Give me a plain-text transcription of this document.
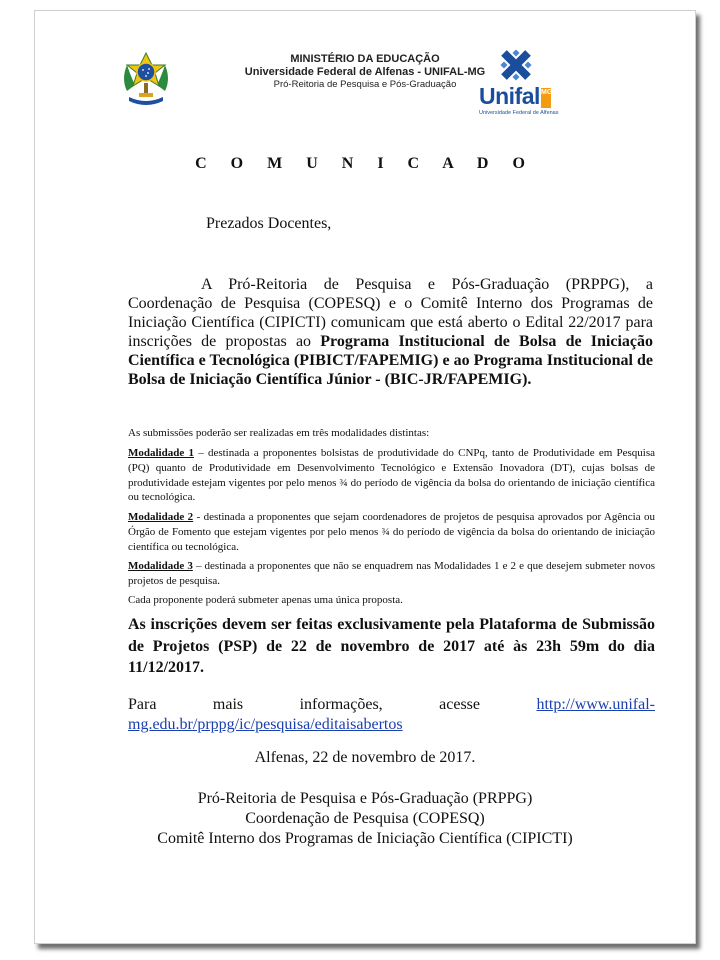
MINISTÉRIO DA EDUCAÇÃO
Universidade Federal de Alfenas - UNIFAL-MG
Pró-Reitoria de Pesquisa e Pós-Graduação Unifal MG
Universidade Federal de Alfenas
C O M U N I C A D O
Prezados Docentes,
A Pró-Reitoria de Pesquisa e Pós-Graduação (PRPPG), a Coordenação de Pesquisa (COPESQ) e o Comitê Interno dos Programas de Iniciação Científica (CIPICTI) comunicam que está aberto o Edital 22/2017 para inscrições de propostas ao Programa Institucional de Bolsa de Iniciação Científica e Tecnológica (PIBICT/FAPEMIG) e ao Programa Institucional de Bolsa de Iniciação Científica Júnior - (BIC-JR/FAPEMIG).
As submissões poderão ser realizadas em três modalidades distintas:
Modalidade 1 – destinada a proponentes bolsistas de produtividade do CNPq, tanto de Produtividade em Pesquisa (PQ) quanto de Produtividade em Desenvolvimento Tecnológico e Extensão Inovadora (DT), cujas bolsas de produtividade estejam vigentes por pelo menos ¾ do período de vigência da bolsa do orientando de iniciação científica ou tecnológica.
Modalidade 2 - destinada a proponentes que sejam coordenadores de projetos de pesquisa aprovados por Agência ou Órgão de Fomento que estejam vigentes por pelo menos ¾ do período de vigência da bolsa do orientando de iniciação científica ou tecnológica.
Modalidade 3 – destinada a proponentes que não se enquadrem nas Modalidades 1 e 2 e que desejem submeter novos projetos de pesquisa.
Cada proponente poderá submeter apenas uma única proposta.
As inscrições devem ser feitas exclusivamente pela Plataforma de Submissão de Projetos (PSP) de 22 de novembro de 2017 até às 23h 59m do dia 11/12/2017.
Para	mais	informações,	acesse	http://www.unifal-
mg.edu.br/prppg/ic/pesquisa/editaisabertos
Alfenas, 22 de novembro de 2017.
Pró-Reitoria de Pesquisa e Pós-Graduação (PRPPG)
Coordenação de Pesquisa (COPESQ)
Comitê Interno dos Programas de Iniciação Científica (CIPICTI)
